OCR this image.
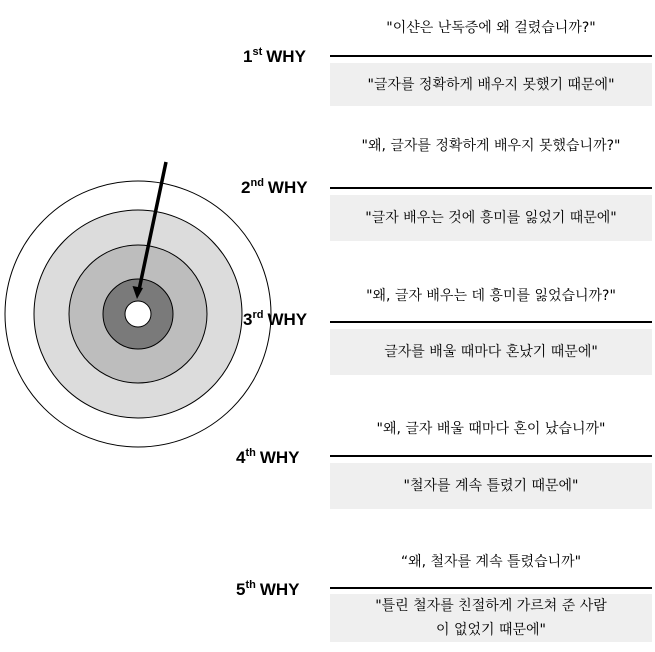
1st WHY
"이샨은 난독증에 왜 걸렸습니까?"
"글자를 정확하게 배우지 못했기 때문에"
2nd WHY
"왜, 글자를 정확하게 배우지 못했습니까?"
"글자 배우는 것에 흥미를 잃었기 때문에"
3rd WHY
"왜, 글자 배우는 데 흥미를 잃었습니까?"
글자를 배울 때마다 혼났기 때문에"
4th WHY
"왜, 글자 배울 때마다 혼이 났습니까"
"철자를 계속 틀렸기 때문에"
5th WHY
“왜, 철자를 계속 틀렸습니까"
"틀린 철자를 친절하게 가르쳐 준 사람이 없었기 때문에"
